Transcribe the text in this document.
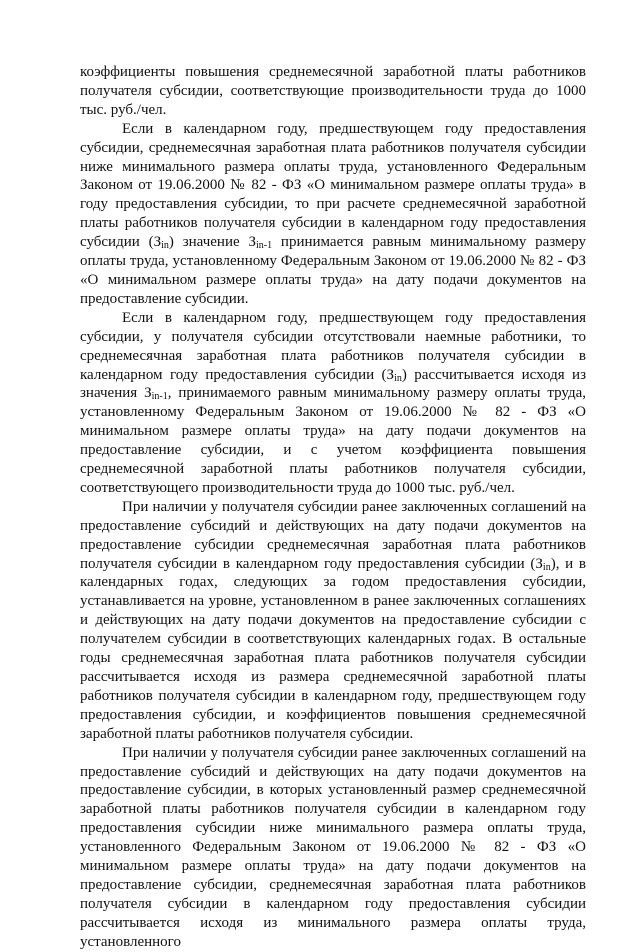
коэффициенты повышения среднемесячной заработной платы работников получателя субсидии, соответствующие производительности труда до 1000 тыс. руб./чел.

Если в календарном году, предшествующем году предоставления субсидии, среднемесячная заработная плата работников получателя субсидии ниже минимального размера оплаты труда, установленного Федеральным Законом от 19.06.2000 № 82 - ФЗ «О минимальном размере оплаты труда» в году предоставления субсидии, то при расчете среднемесячной заработной платы работников получателя субсидии в календарном году предоставления субсидии $(З_{in})$ значение $З_{in-1}$ принимается равным минимальному размеру оплаты труда, установленному Федеральным Законом от 19.06.2000 № 82 - ФЗ «О минимальном размере оплаты труда» на дату подачи документов на предоставление субсидии.

Если в календарном году, предшествующем году предоставления субсидии, у получателя субсидии отсутствовали наемные работники, то среднемесячная заработная плата работников получателя субсидии в календарном году предоставления субсидии $(З_{in})$ рассчитывается исходя из значения $З_{in-1}$, принимаемого равным минимальному размеру оплаты труда, установленному Федеральным Законом от 19.06.2000 № 82 - ФЗ «О минимальном размере оплаты труда» на дату подачи документов на предоставление субсидии, и с учетом коэффициента повышения среднемесячной заработной платы работников получателя субсидии, соответствующего производительности труда до 1000 тыс. руб./чел.

При наличии у получателя субсидии ранее заключенных соглашений на предоставление субсидий и действующих на дату подачи документов на предоставление субсидии среднемесячная заработная плата работников получателя субсидии в календарном году предоставления субсидии $(З_{in})$, и в календарных годах, следующих за годом предоставления субсидии, устанавливается на уровне, установленном в ранее заключенных соглашениях и действующих на дату подачи документов на предоставление субсидии с получателем субсидии в соответствующих календарных годах. В остальные годы среднемесячная заработная плата работников получателя субсидии рассчитывается исходя из размера среднемесячной заработной платы работников получателя субсидии в календарном году, предшествующем году предоставления субсидии, и коэффициентов повышения среднемесячной заработной платы работников получателя субсидии.

При наличии у получателя субсидии ранее заключенных соглашений на предоставление субсидий и действующих на дату подачи документов на предоставление субсидии, в которых установленный размер среднемесячной заработной платы работников получателя субсидии в календарном году предоставления субсидии ниже минимального размера оплаты труда, установленного Федеральным Законом от 19.06.2000 № 82 - ФЗ «О минимальном размере оплаты труда» на дату подачи документов на предоставление субсидии, среднемесячная заработная плата работников получателя субсидии в календарном году предоставления субсидии рассчитывается исходя из минимального размера оплаты труда, установленного
